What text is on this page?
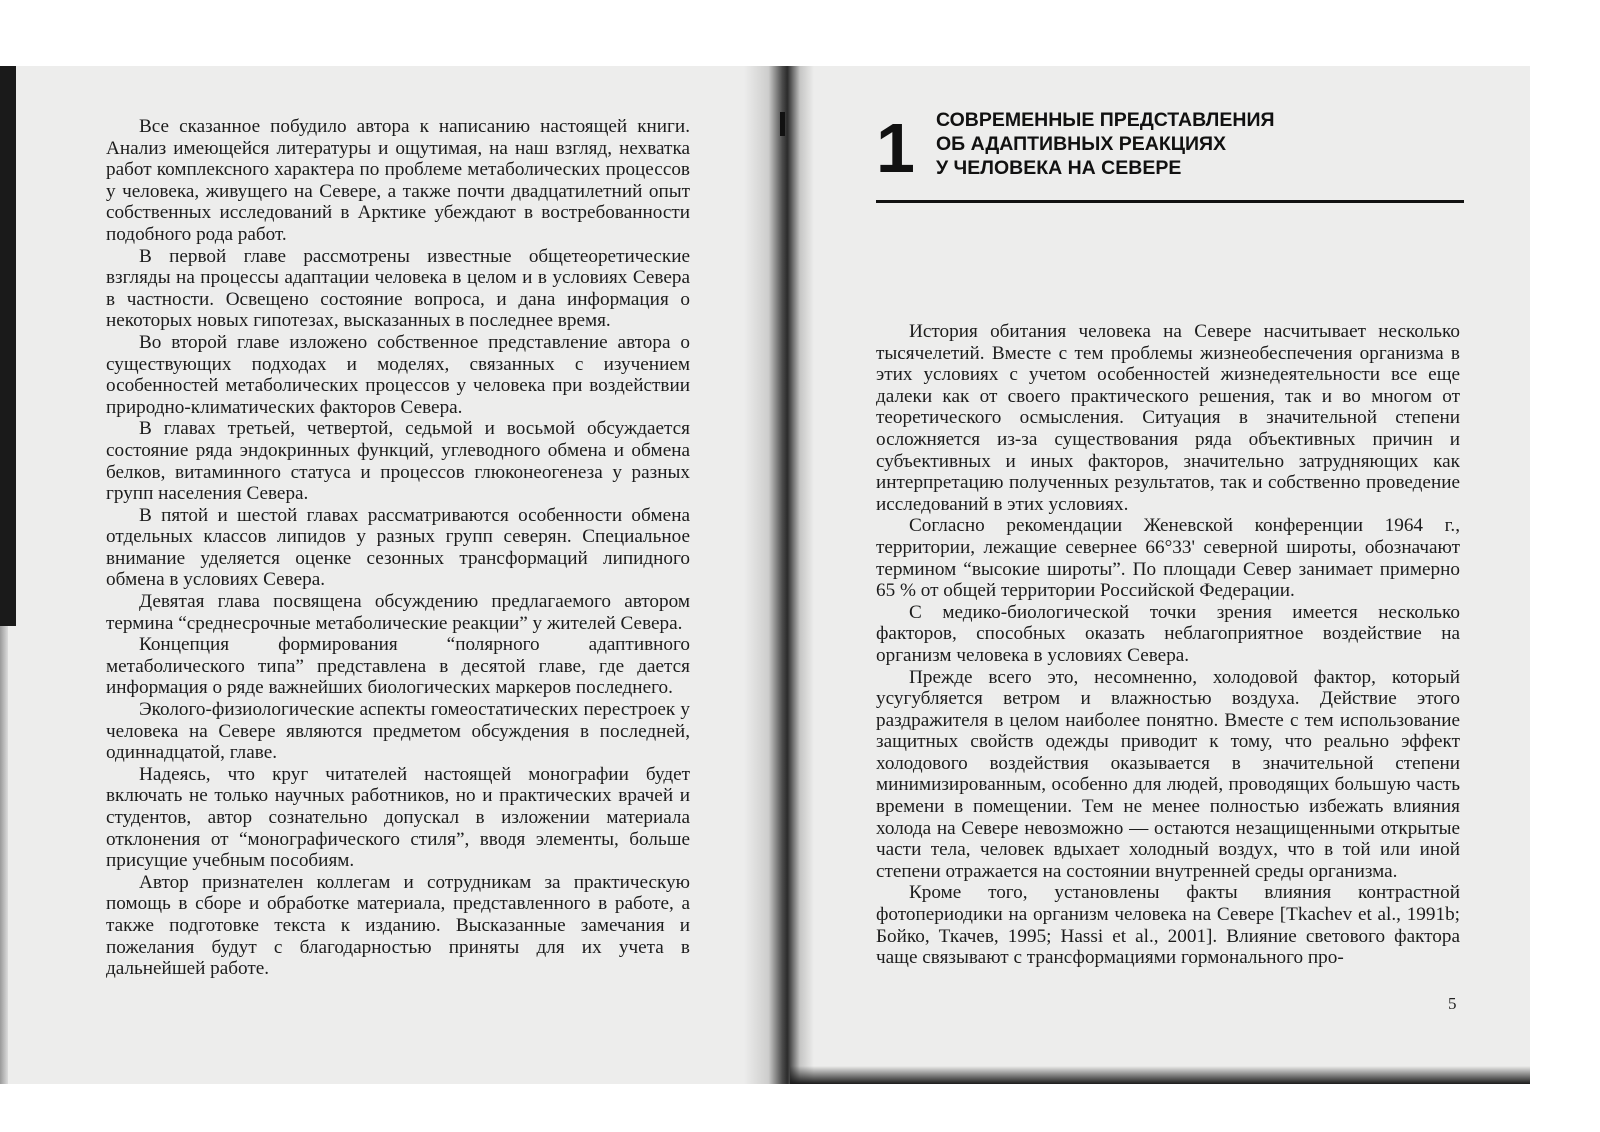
Все сказанное побудило автора к написанию настоящей книги. Анализ имеющейся литературы и ощутимая, на наш взгляд, нехватка работ комплексного характера по проблеме метаболических процессов у человека, живущего на Севере, а также почти двадцатилетний опыт собственных исследований в Арктике убеждают в востребованности подобного рода работ.

В первой главе рассмотрены известные общетеоретические взгляды на процессы адаптации человека в целом и в условиях Севера в частности. Освещено состояние вопроса, и дана информация о некоторых новых гипотезах, высказанных в последнее время.

Во второй главе изложено собственное представление автора о существующих подходах и моделях, связанных с изучением особенностей метаболических процессов у человека при воздействии природно-климатических факторов Севера.

В главах третьей, четвертой, седьмой и восьмой обсуждается состояние ряда эндокринных функций, углеводного обмена и обмена белков, витаминного статуса и процессов глюконеогенеза у разных групп населения Севера.

В пятой и шестой главах рассматриваются особенности обмена отдельных классов липидов у разных групп северян. Специальное внимание уделяется оценке сезонных трансформаций липидного обмена в условиях Севера.

Девятая глава посвящена обсуждению предлагаемого автором термина “среднесрочные метаболические реакции” у жителей Севера.

Концепция формирования “полярного адаптивного метаболического типа” представлена в десятой главе, где дается информация о ряде важнейших биологических маркеров последнего.

Эколого-физиологические аспекты гомеостатических перестроек у человека на Севере являются предметом обсуждения в последней, одиннадцатой, главе.

Надеясь, что круг читателей настоящей монографии будет включать не только научных работников, но и практических врачей и студентов, автор сознательно допускал в изложении материала отклонения от “монографического стиля”, вводя элементы, больше присущие учебным пособиям.

Автор признателен коллегам и сотрудникам за практическую помощь в сборе и обработке материала, представленного в работе, а также подготовке текста к изданию. Высказанные замечания и пожелания будут с благодарностью приняты для их учета в дальнейшей работе.

1 СОВРЕМЕННЫЕ ПРЕДСТАВЛЕНИЯ
ОБ АДАПТИВНЫХ РЕАКЦИЯХ
У ЧЕЛОВЕКА НА СЕВЕРЕ

История обитания человека на Севере насчитывает несколько тысячелетий. Вместе с тем проблемы жизнеобеспечения организма в этих условиях с учетом особенностей жизнедеятельности все еще далеки как от своего практического решения, так и во многом от теоретического осмысления. Ситуация в значительной степени осложняется из-за существования ряда объективных причин и субъективных и иных факторов, значительно затрудняющих как интерпретацию полученных результатов, так и собственно проведение исследований в этих условиях.

Согласно рекомендации Женевской конференции 1964 г., территории, лежащие севернее 66°33' северной широты, обозначают термином “высокие широты”. По площади Север занимает примерно 65 % от общей территории Российской Федерации.

С медико-биологической точки зрения имеется несколько факторов, способных оказать неблагоприятное воздействие на организм человека в условиях Севера.

Прежде всего это, несомненно, холодовой фактор, который усугубляется ветром и влажностью воздуха. Действие этого раздражителя в целом наиболее понятно. Вместе с тем использование защитных свойств одежды приводит к тому, что реально эффект холодового воздействия оказывается в значительной степени минимизированным, особенно для людей, проводящих большую часть времени в помещении. Тем не менее полностью избежать влияния холода на Севере невозможно — остаются незащищенными открытые части тела, человек вдыхает холодный воздух, что в той или иной степени отражается на состоянии внутренней среды организма.

Кроме того, установлены факты влияния контрастной фотопериодики на организм человека на Севере [Tkachev et al., 1991b; Бойко, Ткачев, 1995; Hassi et al., 2001]. Влияние светового фактора чаще связывают с трансформациями гормонального про-

5
